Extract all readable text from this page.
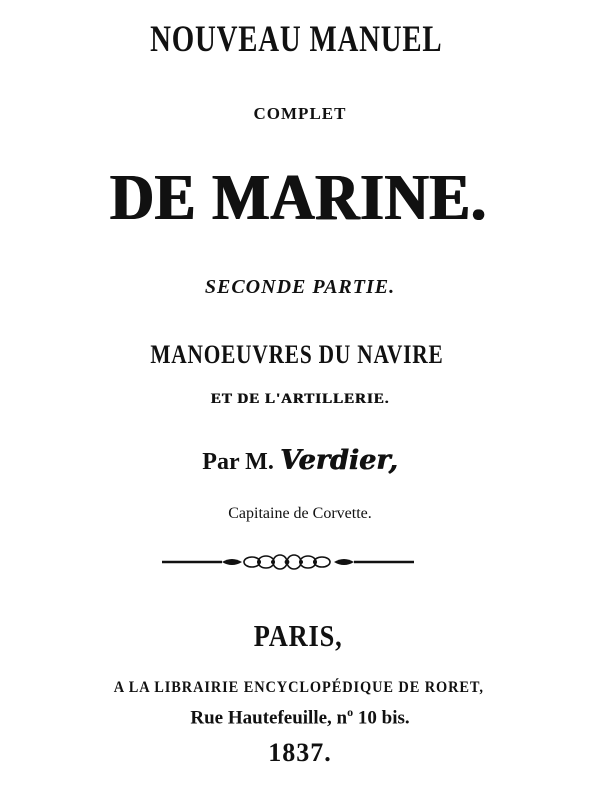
NOUVEAU MANUEL
COMPLET
DE MARINE.
SECONDE PARTIE.
MANOEUVRES DU NAVIRE
ET DE L'ARTILLERIE.
Par M. Verdier,
Capitaine de Corvette.
PARIS,
A LA LIBRAIRIE ENCYCLOPÉDIQUE DE RORET,
Rue Hautefeuille, $n^o$ 10 bis.
1837.
